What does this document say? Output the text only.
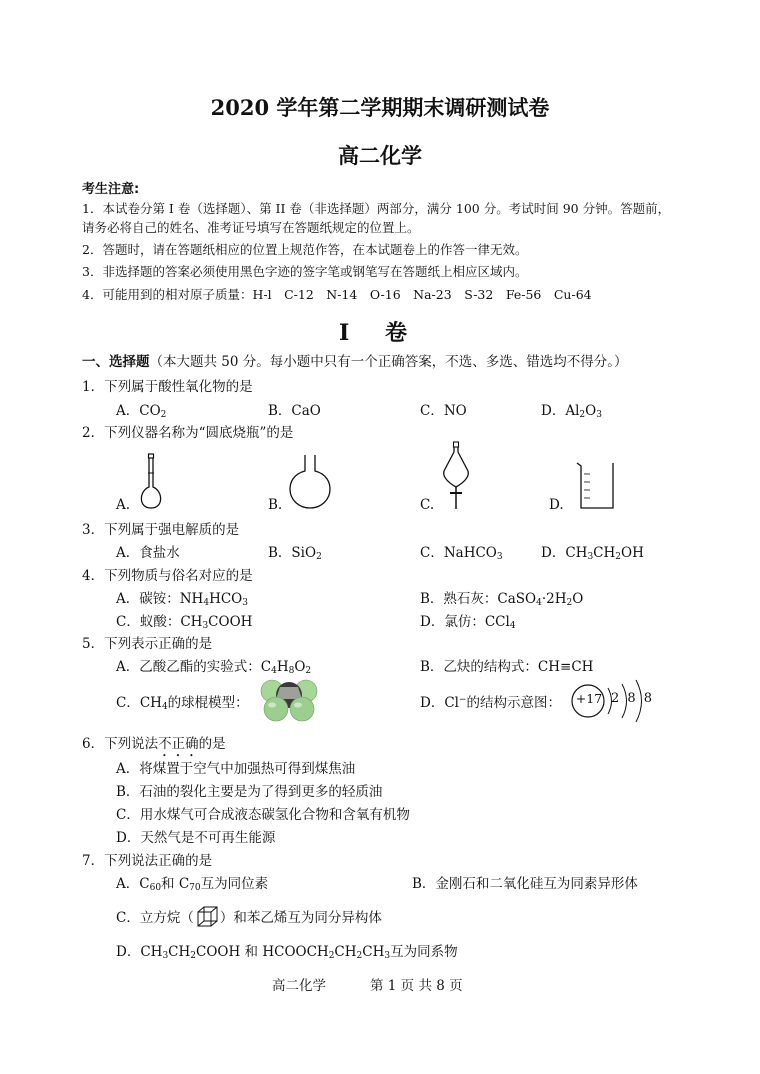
2020 学年第二学期期末调研测试卷
高二化学
考生注意:
1．本试卷分第 I 卷（选择题）、第 II 卷（非选择题）两部分，满分 100 分。考试时间 90 分钟。答题前，
请务必将自己的姓名、准考证号填写在答题纸规定的位置上。
2．答题时，请在答题纸相应的位置上规范作答，在本试题卷上的作答一律无效。
3．非选择题的答案必须使用黑色字迹的签字笔或钢笔写在答题纸上相应区域内。
4．可能用到的相对原子质量：H-l　C-12　N-14　O-16　Na-23　S-32　Fe-56　Cu-64
I 卷
一、选择题（本大题共 50 分。每小题中只有一个正确答案，不选、多选、错选均不得分。）
1．下列属于酸性氧化物的是
A．$CO_2$	B．CaO	C．NO	D．$Al_2O_3$
2．下列仪器名称为“圆底烧瓶”的是
A.	B.	C.	D.
3．下列属于强电解质的是
A．食盐水	B．SiO$_2$	C．NaHCO$_3$	D．$CH_3CH_2OH$
4．下列物质与俗名对应的是
A．碳铵：$NH_4HCO_3$	B．熟石灰：$CaSO_4\cdot 2H_2O$
C．蚁酸：$CH_3COOH$	D．氯仿：CCl$_4$
5．下列表示正确的是
A．乙酸乙酯的实验式：$C_4H_8O_2$	B．乙炔的结构式：CH≡CH
C．$CH_4$的球棍模型：	D．Cl−的结构示意图： +17 2 8 8
6．下列说法不正确的是
A．将煤置于空气中加强热可得到煤焦油
B．石油的裂化主要是为了得到更多的轻质油
C．用水煤气可合成液态碳氢化合物和含氧有机物
D．天然气是不可再生能源
7．下列说法正确的是
A．$C_{60}$和 $C_{70}$互为同位素	B．金刚石和二氧化硅互为同素异形体
C．立方烷（ ）和苯乙烯互为同分异构体
D．$CH_3CH_2COOH$ 和 $HCOOCH_2CH_2CH_3$互为同系物
高二化学	第 1 页 共 8 页
